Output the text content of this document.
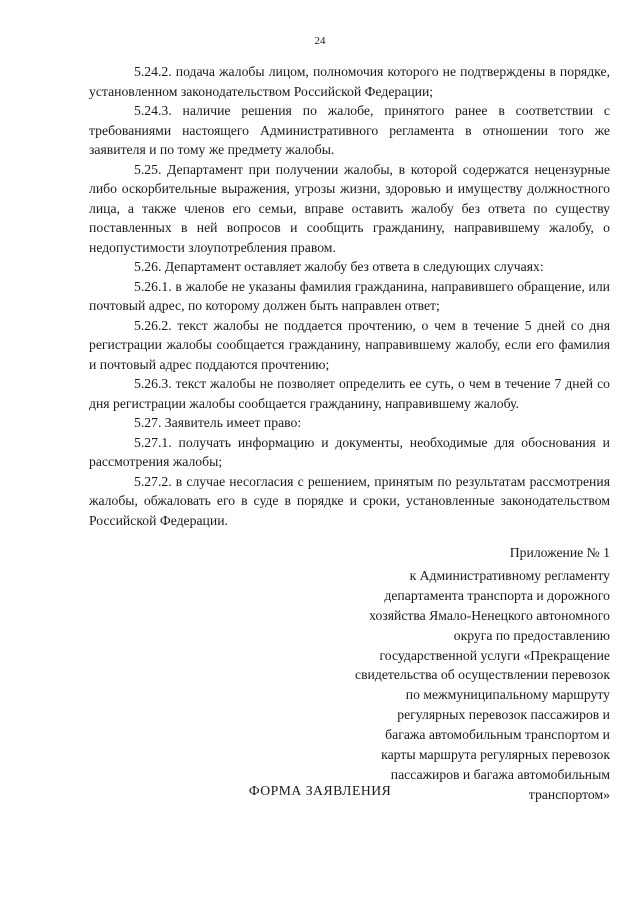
24

5.24.2. подача жалобы лицом, полномочия которого не подтверждены в порядке, установленном законодательством Российской Федерации;

5.24.3. наличие решения по жалобе, принятого ранее в соответствии с требованиями настоящего Административного регламента в отношении того же заявителя и по тому же предмету жалобы.

5.25. Департамент при получении жалобы, в которой содержатся нецензурные либо оскорбительные выражения, угрозы жизни, здоровью и имуществу должностного лица, а также членов его семьи, вправе оставить жалобу без ответа по существу поставленных в ней вопросов и сообщить гражданину, направившему жалобу, о недопустимости злоупотребления правом.

5.26. Департамент оставляет жалобу без ответа в следующих случаях:

5.26.1. в жалобе не указаны фамилия гражданина, направившего обращение, или почтовый адрес, по которому должен быть направлен ответ;

5.26.2. текст жалобы не поддается прочтению, о чем в течение 5 дней со дня регистрации жалобы сообщается гражданину, направившему жалобу, если его фамилия и почтовый адрес поддаются прочтению;

5.26.3. текст жалобы не позволяет определить ее суть, о чем в течение 7 дней со дня регистрации жалобы сообщается гражданину, направившему жалобу.

5.27. Заявитель имеет право:

5.27.1. получать информацию и документы, необходимые для обоснования и рассмотрения жалобы;

5.27.2. в случае несогласия с решением, принятым по результатам рассмотрения жалобы, обжаловать его в суде в порядке и сроки, установленные законодательством Российской Федерации.

Приложение № 1
к Административному регламенту
департамента транспорта и дорожного
хозяйства Ямало-Ненецкого автономного
округа по предоставлению
государственной услуги «Прекращение
свидетельства об осуществлении перевозок
по межмуниципальному маршруту
регулярных перевозок пассажиров и
багажа автомобильным транспортом и
карты маршрута регулярных перевозок
пассажиров и багажа автомобильным
транспортом»
ФОРМА ЗАЯВЛЕНИЯ
